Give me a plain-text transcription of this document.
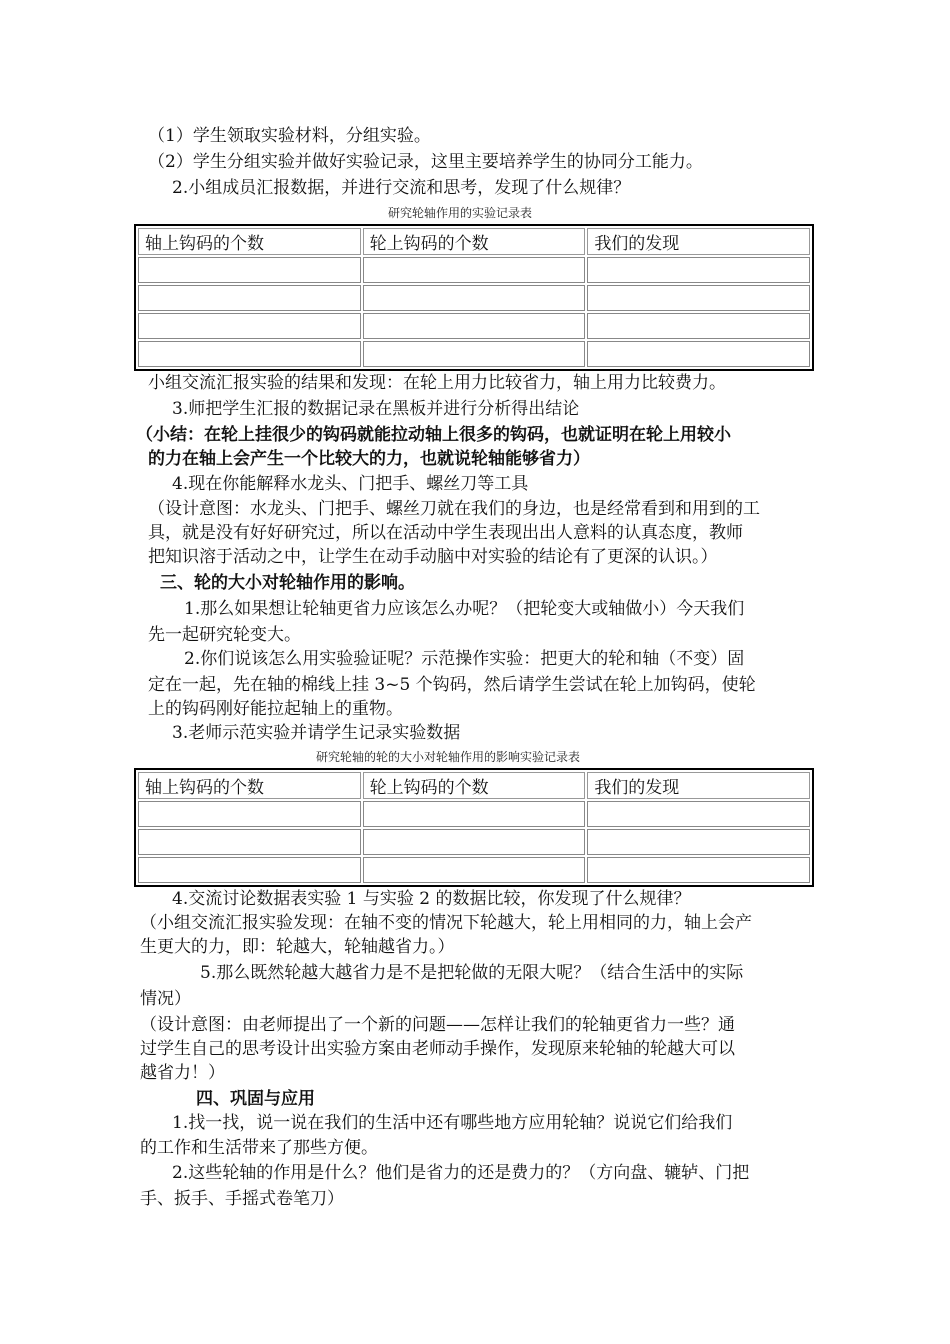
（1）学生领取实验材料，分组实验。
（2）学生分组实验并做好实验记录，这里主要培养学生的协同分工能力。
2.小组成员汇报数据，并进行交流和思考，发现了什么规律？
研究轮轴作用的实验记录表
轴上钩码的个数	轮上钩码的个数	我们的发现

小组交流汇报实验的结果和发现：在轮上用力比较省力，轴上用力比较费力。
3.师把学生汇报的数据记录在黑板并进行分析得出结论
（小结：在轮上挂很少的钩码就能拉动轴上很多的钩码，也就证明在轮上用较小
的力在轴上会产生一个比较大的力，也就说轮轴能够省力）
4.现在你能解释水龙头、门把手、螺丝刀等工具
（设计意图：水龙头、门把手、螺丝刀就在我们的身边，也是经常看到和用到的工
具，就是没有好好研究过，所以在活动中学生表现出出人意料的认真态度，教师
把知识溶于活动之中，让学生在动手动脑中对实验的结论有了更深的认识。）
三、轮的大小对轮轴作用的影响。
1.那么如果想让轮轴更省力应该怎么办呢？（把轮变大或轴做小）今天我们
先一起研究轮变大。
2.你们说该怎么用实验验证呢？示范操作实验：把更大的轮和轴（不变）固
定在一起，先在轴的棉线上挂 3~5 个钩码，然后请学生尝试在轮上加钩码，使轮
上的钩码刚好能拉起轴上的重物。
3.老师示范实验并请学生记录实验数据
研究轮轴的轮的大小对轮轴作用的影响实验记录表
轴上钩码的个数	轮上钩码的个数	我们的发现

4.交流讨论数据表实验 1 与实验 2 的数据比较，你发现了什么规律？
（小组交流汇报实验发现：在轴不变的情况下轮越大，轮上用相同的力，轴上会产
生更大的力，即：轮越大，轮轴越省力。）
5.那么既然轮越大越省力是不是把轮做的无限大呢？（结合生活中的实际
情况）
（设计意图：由老师提出了一个新的问题——怎样让我们的轮轴更省力一些？通
过学生自己的思考设计出实验方案由老师动手操作，发现原来轮轴的轮越大可以
越省力！）
四、巩固与应用
1.找一找，说一说在我们的生活中还有哪些地方应用轮轴？说说它们给我们
的工作和生活带来了那些方便。
2.这些轮轴的作用是什么？他们是省力的还是费力的？（方向盘、辘轳、门把
手、扳手、手摇式卷笔刀）
